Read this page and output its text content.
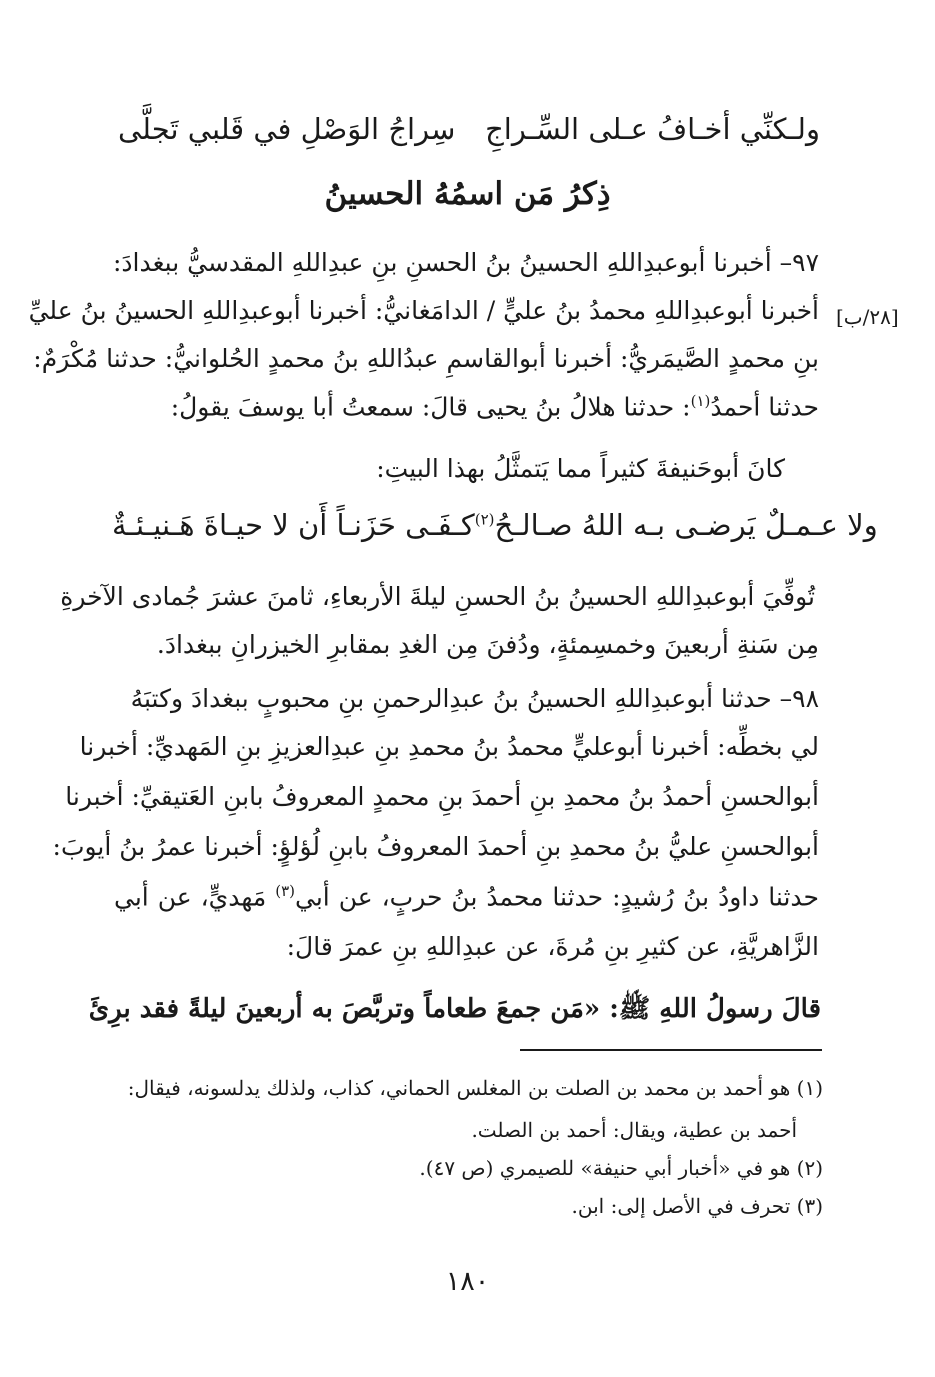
سِراجُ الوَصْلِ في قَلبي تَجلَّى ولـكنِّي أخـافُ عـلى السِّـراجِ
ذِكرُ مَن اسمُهُ الحسينُ
٩٧– أخبرنا أبوعبدِاللهِ الحسينُ بنُ الحسنِ بنِ عبدِاللهِ المقدسيُّ ببغدادَ:
[٢٨/ب]
أخبرنا أبوعبدِاللهِ محمدُ بنُ عليٍّ / الدامَغانيُّ: أخبرنا أبوعبدِاللهِ الحسينُ بنُ عليِّ
بنِ محمدٍ الصَّيمَريُّ: أخبرنا أبوالقاسمِ عبدُاللهِ بنُ محمدٍ الحُلوانيُّ: حدثنا مُكْرَمٌ:
حدثنا أحمدُ$^{(١)}$: حدثنا هلالُ بنُ يحيى قالَ: سمعتُ أبا يوسفَ يقولُ:
كانَ أبوحَنيفةَ كثيراً مما يَتمثَّلُ بهذا البيتِ:
كـفَـى حَزَنـاً أَن لا حيـاةَ هَـنيـئـةٌ ولا عـمـلٌ يَرضـى بـه اللهُ صـالـحُ$^{(٢)}$
تُوفِّيَ أبوعبدِاللهِ الحسينُ بنُ الحسنِ ليلةَ الأربعاءِ، ثامنَ عشرَ جُمادى الآخرةِ
مِن سَنةِ أربعينَ وخمسِمئةٍ، ودُفنَ مِن الغدِ بمقابرِ الخيزرانِ ببغدادَ.
٩٨– حدثنا أبوعبدِاللهِ الحسينُ بنُ عبدِالرحمنِ بنِ محبوبٍ ببغدادَ وكتبَهُ
لي بخطِّه: أخبرنا أبوعليٍّ محمدُ بنُ محمدِ بنِ عبدِالعزيزِ بنِ المَهديِّ: أخبرنا
أبوالحسنِ أحمدُ بنُ محمدِ بنِ أحمدَ بنِ محمدٍ المعروفُ بابنِ العَتيقيِّ: أخبرنا
أبوالحسنِ عليُّ بنُ محمدِ بنِ أحمدَ المعروفُ بابنِ لُؤلؤٍ: أخبرنا عمرُ بنُ أيوبَ:
حدثنا داودُ بنُ رُشيدٍ: حدثنا محمدُ بنُ حربٍ، عن أبي$^{(٣)}$ مَهديٍّ، عن أبي
الزَّاهريَّةِ، عن كثيرِ بنِ مُرةَ، عن عبدِاللهِ بنِ عمرَ قالَ:
قالَ رسولُ اللهِ ﷺ: «مَن جمعَ طعاماً وتربَّصَ به أربعينَ ليلةً فقد برِئَ
(١) هو أحمد بن محمد بن الصلت بن المغلس الحماني، كذاب، ولذلك يدلسونه، فيقال:
أحمد بن عطية، ويقال: أحمد بن الصلت.
(٢) هو في «أخبار أبي حنيفة» للصيمري (ص ٤٧).
(٣) تحرف في الأصل إلى: ابن.
١٨٠
